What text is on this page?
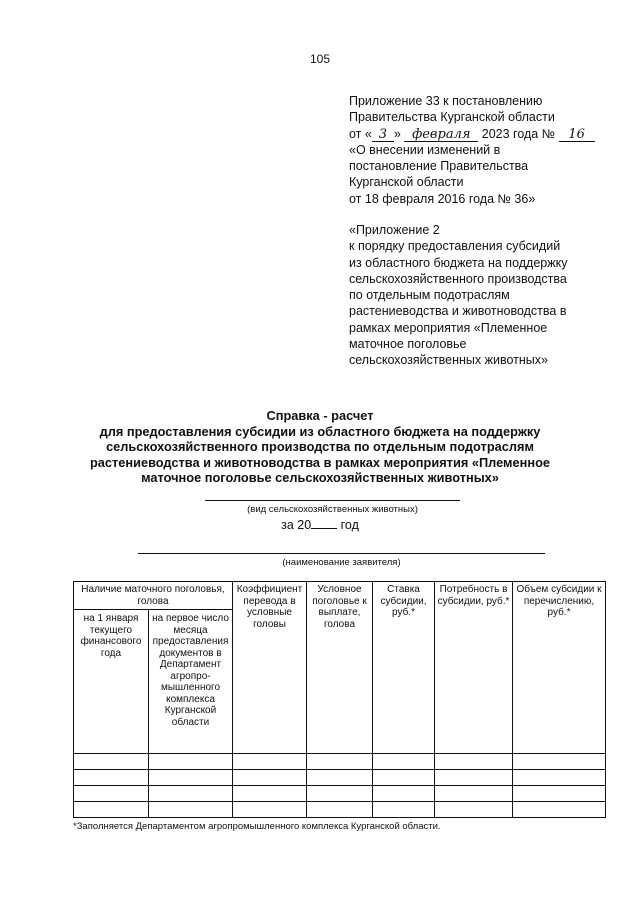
105
Приложение 33 к постановлению
Правительства Курганской области
от « 3 » февраля 2023 года № 16
«О внесении изменений в
постановление Правительства
Курганской области
от 18 февраля 2016 года № 36»
«Приложение 2
к порядку предоставления субсидий
из областного бюджета на поддержку
сельскохозяйственного производства
по отдельным подотраслям
растениеводства и животноводства в
рамках мероприятия «Племенное
маточное поголовье
сельскохозяйственных животных»
Справка - расчет
для предоставления субсидии из областного бюджета на поддержку
сельскохозяйственного производства по отдельным подотраслям
растениеводства и животноводства в рамках мероприятия «Племенное
маточное поголовье сельскохозяйственных животных»
(вид сельскохозяйственных животных)
за 20 год
(наименование заявителя)
Наличие маточного поголовья, голова		Коэффициент перевода в условные головы	Условное поголовье к выплате, голова	Ставка субсидии, руб.*	Потребность в субсидии, руб.*	Объем субсидии к перечислению, руб.*
на 1 января текущего финансового года	на первое число месяца предоставления документов в Департамент агропро-мышленного комплекса Курганской области					

*Заполняется Департаментом агропромышленного комплекса Курганской области.
